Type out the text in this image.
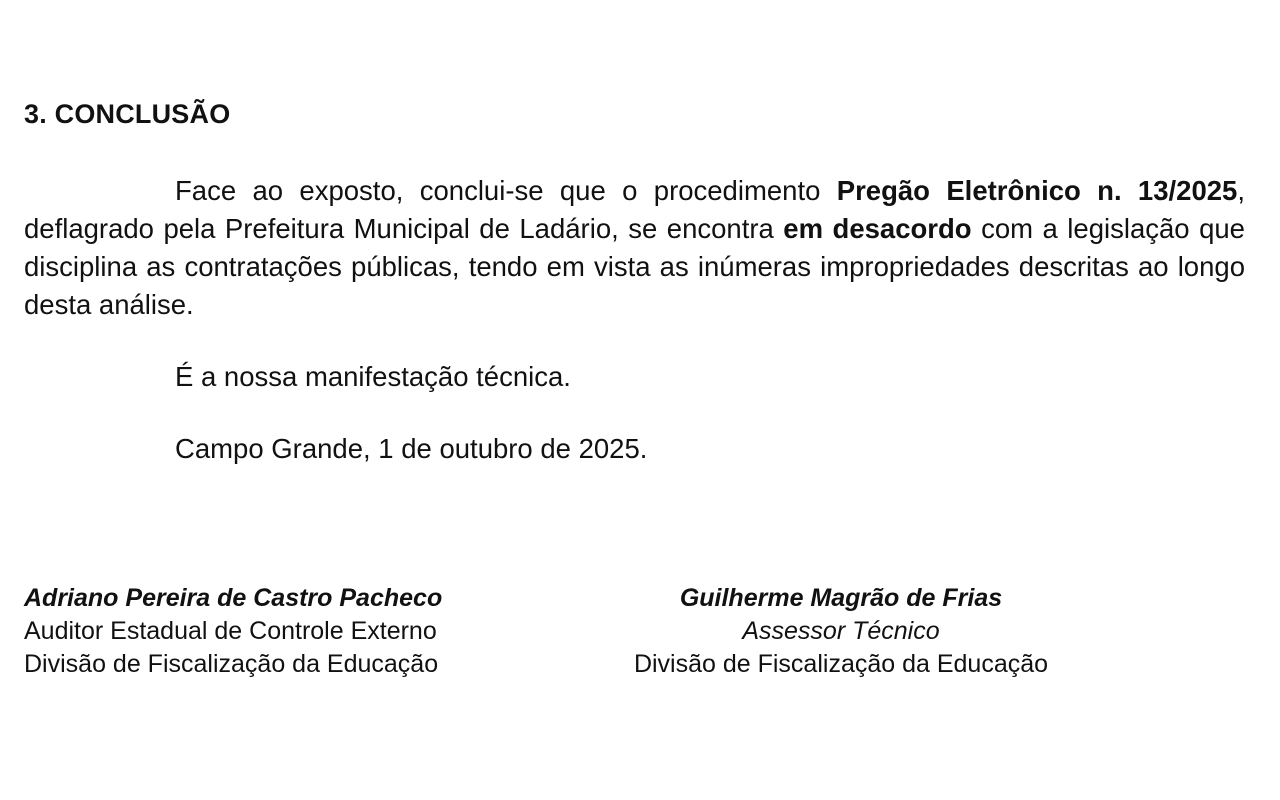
3. CONCLUSÃO

Face ao exposto, conclui-se que o procedimento Pregão Eletrônico n. 13/2025, deflagrado pela Prefeitura Municipal de Ladário, se encontra em desacordo com a legislação que disciplina as contratações públicas, tendo em vista as inúmeras impropriedades descritas ao longo desta análise.

É a nossa manifestação técnica.

Campo Grande, 1 de outubro de 2025.

Adriano Pereira de Castro Pacheco
Auditor Estadual de Controle Externo
Divisão de Fiscalização da Educação
Guilherme Magrão de Frias
Assessor Técnico
Divisão de Fiscalização da Educação
